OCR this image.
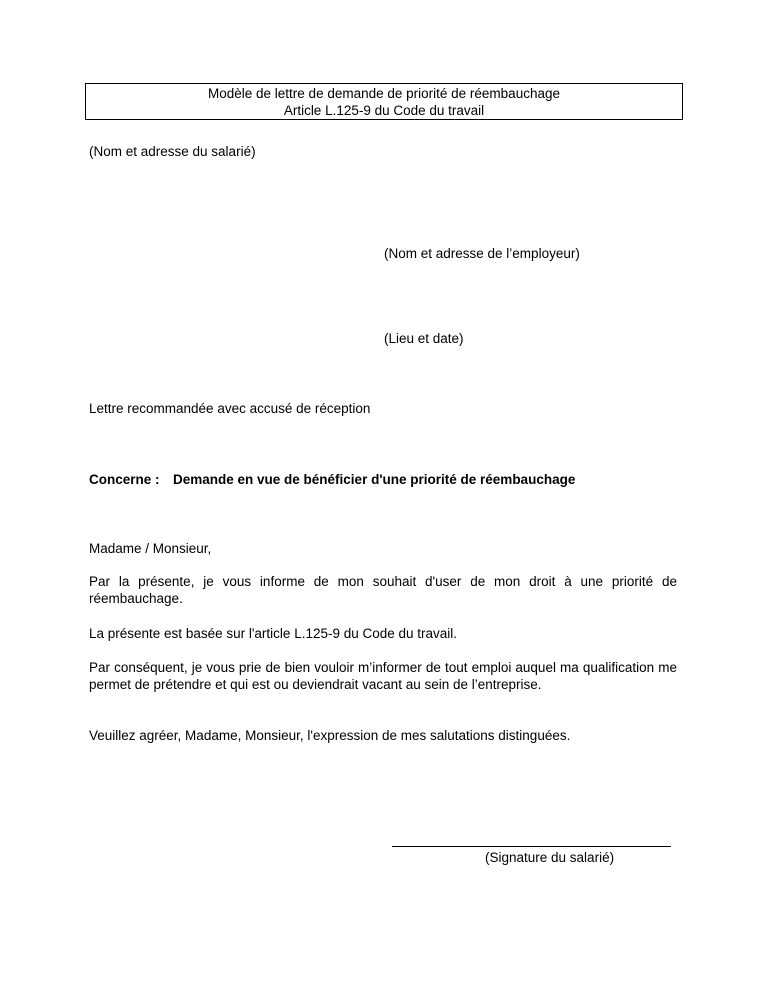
Modèle de lettre de demande de priorité de réembauchage
Article L.125-9 du Code du travail
(Nom et adresse du salarié)
(Nom et adresse de l’employeur)
(Lieu et date)
Lettre recommandée avec accusé de réception
Concerne : Demande en vue de bénéficier d'une priorité de réembauchage
Madame / Monsieur,
Par la présente, je vous informe de mon souhait d'user de mon droit à une priorité de réembauchage.
La présente est basée sur l'article L.125-9 du Code du travail.
Par conséquent, je vous prie de bien vouloir m’informer de tout emploi auquel ma qualification me permet de prétendre et qui est ou deviendrait vacant au sein de l’entreprise.
Veuillez agréer, Madame, Monsieur, l'expression de mes salutations distinguées.
(Signature du salarié)
